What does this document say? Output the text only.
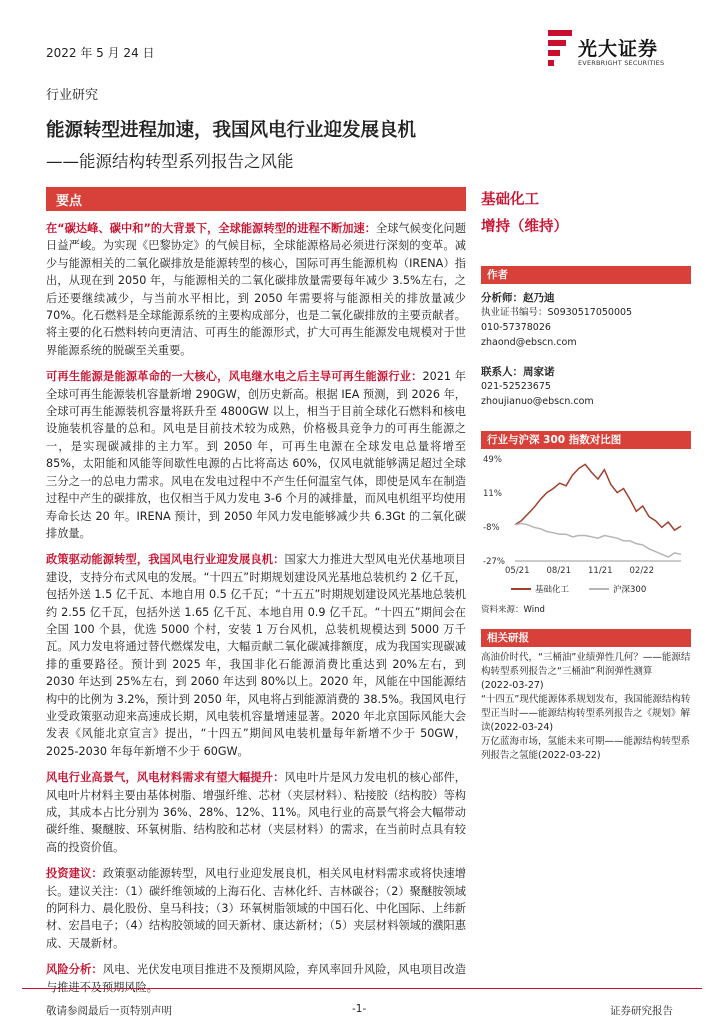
2022 年 5 月 24 日	光大证券
EVERBRIGHT SECURITIES
行业研究
能源转型进程加速，我国风电行业迎发展良机
——能源结构转型系列报告之风能
要点

在“碳达峰、碳中和”的大背景下，全球能源转型的进程不断加速：全球气候变化问题日益严峻。为实现《巴黎协定》的气候目标，全球能源格局必须进行深刻的变革。减少与能源相关的二氧化碳排放是能源转型的核心，国际可再生能源机构（IRENA）指出，从现在到 2050 年，与能源相关的二氧化碳排放量需要每年减少 3.5%左右，之后还要继续减少，与当前水平相比，到 2050 年需要将与能源相关的排放量减少 70%。化石燃料是全球能源系统的主要构成部分，也是二氧化碳排放的主要贡献者。将主要的化石燃料转向更清洁、可再生的能源形式，扩大可再生能源发电规模对于世界能源系统的脱碳至关重要。

可再生能源是能源革命的一大核心，风电继水电之后主导可再生能源行业：2021 年全球可再生能源装机容量新增 290GW，创历史新高。根据 IEA 预测，到 2026 年，全球可再生能源装机容量将跃升至 4800GW 以上，相当于目前全球化石燃料和核电设施装机容量的总和。风电是目前技术较为成熟，价格极具竞争力的可再生能源之一，是实现碳减排的主力军。到 2050 年，可再生电源在全球发电总量将增至 85%，太阳能和风能等间歇性电源的占比将高达 60%，仅风电就能够满足超过全球三分之一的总电力需求。风电在发电过程中不产生任何温室气体，即使是风车在制造过程中产生的碳排放，也仅相当于风力发电 3-6 个月的减排量，而风电机组平均使用寿命长达 20 年。IRENA 预计，到 2050 年风力发电能够减少共 6.3Gt 的二氧化碳排放量。

政策驱动能源转型，我国风电行业迎发展良机：国家大力推进大型风电光伏基地项目建设，支持分布式风电的发展。“十四五”时期规划建设风光基地总装机约 2 亿千瓦，包括外送 1.5 亿千瓦、本地自用 0.5 亿千瓦；“十五五”时期规划建设风光基地总装机约 2.55 亿千瓦，包括外送 1.65 亿千瓦、本地自用 0.9 亿千瓦。“十四五”期间会在全国 100 个县，优选 5000 个村，安装 1 万台风机，总装机规模达到 5000 万千瓦。风力发电将通过替代燃煤发电，大幅贡献二氧化碳减排额度，成为我国实现碳减排的重要路径。预计到 2025 年，我国非化石能源消费比重达到 20%左右，到 2030 年达到 25%左右，到 2060 年达到 80%以上。2020 年，风能在中国能源结构中的比例为 3.2%，预计到 2050 年，风电将占到能源消费的 38.5%。我国风电行业受政策驱动迎来高速成长期，风电装机容量增速显著。2020 年北京国际风能大会发表《风能北京宣言》提出，“十四五”期间风电装机量每年新增不少于 50GW，2025-2030 年每年新增不少于 60GW。

风电行业高景气，风电材料需求有望大幅提升：风电叶片是风力发电机的核心部件，风电叶片材料主要由基体树脂、增强纤维、芯材（夹层材料）、粘接胶（结构胶）等构成，其成本占比分别为 36%、28%、12%、11%。风电行业的高景气将会大幅带动碳纤维、聚醚胺、环氧树脂、结构胶和芯材（夹层材料）的需求，在当前时点具有较高的投资价值。

投资建议：政策驱动能源转型，风电行业迎发展良机，相关风电材料需求或将快速增长。建议关注：（1）碳纤维领域的上海石化、吉林化纤、吉林碳谷；（2）聚醚胺领域的阿科力、晨化股份、皇马科技；（3）环氧树脂领域的中国石化、中化国际、上纬新材、宏昌电子；（4）结构胶领域的回天新材、康达新材；（5）夹层材料领域的濮阳惠成、天晟新材。

风险分析：风电、光伏发电项目推进不及预期风险，弃风率回升风险，风电项目改造

基础化工
增持（维持）
作者
分析师：赵乃迪
执业证书编号：S0930517050005
010-57378026
zhaond@ebscn.com
联系人：周家诺
021-52523675
zhoujianuo@ebscn.com
行业与沪深 300 指数对比图
49%
11%
-8%
-27%
05/21 08/21 11/21 02/22
基础化工	沪深300
资料来源：Wind
相关研报
高油价时代，“三桶油”业绩弹性几何？——能源结构转型系列报告之“三桶油”利润弹性测算
(2022-03-27)
“十四五”现代能源体系规划发布，我国能源结构转型正当时——能源结构转型系列报告之《规划》解读(2022-03-24)
万亿蓝海市场，氢能未来可期——能源结构转型系列报告之氢能(2022-03-22)
敬请参阅最后一页特别声明	-1-	证券研究报告
